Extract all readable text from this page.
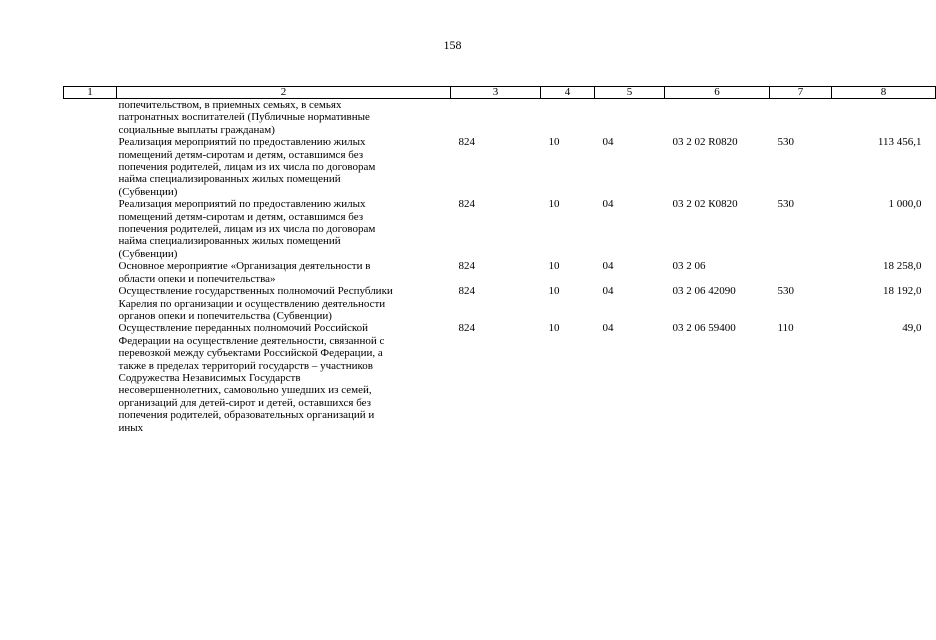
158
1	2	3	4	5	6	7	8

попечительством, в приемных семьях, в семьях патронатных воспитателей (Публичные нормативные социальные выплаты гражданам)							

Реализация мероприятий по предоставлению жилых помещений детям-сиротам и детям, оставшимся без попечения родителей, лицам из их числа по договорам найма специализированных жилых помещений (Субвенции)		824	10	04	03 2 02 R0820	530	113 456,1

Реализация мероприятий по предоставлению жилых помещений детям-сиротам и детям, оставшимся без попечения родителей, лицам из их числа по договорам найма специализированных жилых помещений (Субвенции)		824	10	04	03 2 02 К0820	530	1 000,0

Основное мероприятие «Организация деятельности в области опеки и попечительства»		824	10	04	03 2 06		18 258,0

Осуществление государственных полномочий Республики Карелия по организации и осуществлению деятельности органов опеки и попечительства (Субвенции)		824	10	04	03 2 06 42090	530	18 192,0

Осуществление переданных полномочий Российской Федерации на осуществление деятельности, связанной с перевозкой между субъектами Российской Федерации, а также в пределах территорий государств – участников Содружества Независимых Государств несовершеннолетних, самовольно ушедших из семей, организаций для детей-сирот и детей, оставшихся без попечения родителей, образовательных организаций и иных		824	10	04	03 2 06 59400	110	49,0
